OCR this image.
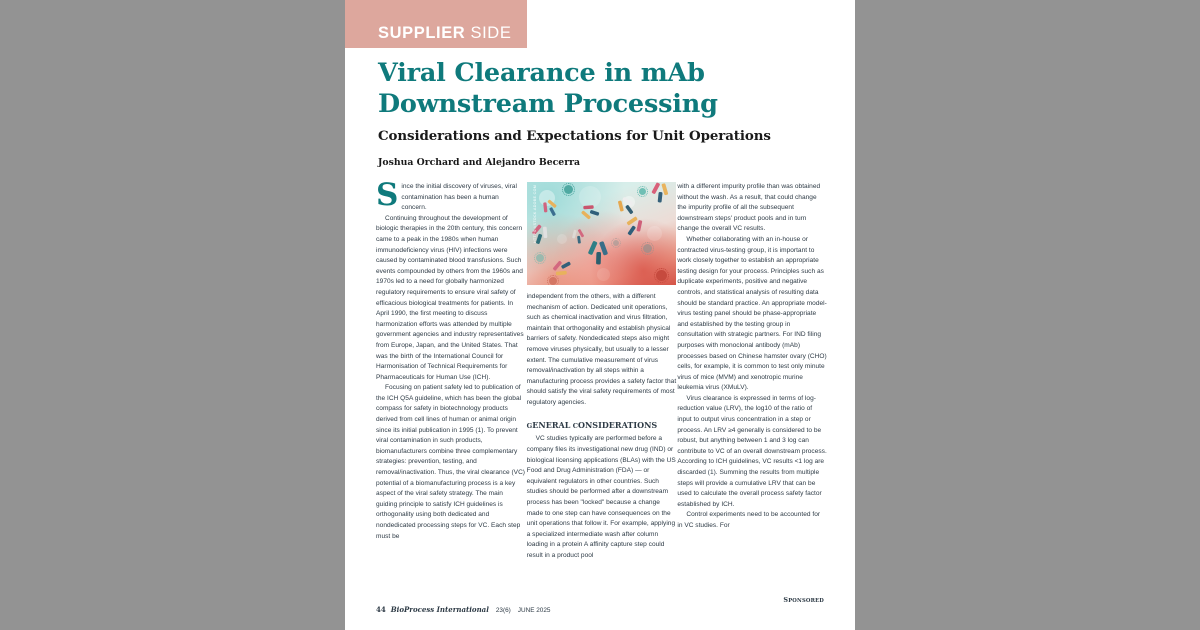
SUPPLIER SIDE
Viral Clearance in mAb
Downstream Processing

Considerations and Expectations for Unit Operations

Joshua Orchard and Alejandro Becerra

Since the initial discovery of viruses, viral contamination has been a human concern.

Continuing throughout the development of biologic therapies in the 20th century, this concern came to a peak in the 1980s when human immunodeficiency virus (HIV) infections were caused by contaminated blood transfusions. Such events compounded by others from the 1960s and 1970s led to a need for globally harmonized regulatory requirements to ensure viral safety of efficacious biological treatments for patients. In April 1990, the first meeting to discuss harmonization efforts was attended by multiple government agencies and industry representatives from Europe, Japan, and the United States. That was the birth of the International Council for Harmonisation of Technical Requirements for Pharmaceuticals for Human Use (ICH).

Focusing on patient safety led to publication of the ICH Q5A guideline, which has been the global compass for safety in biotechnology products derived from cell lines of human or animal origin since its initial publication in 1995 (1). To prevent viral contamination in such products, biomanufacturers combine three complementary strategies: prevention, testing, and removal/inactivation. Thus, the viral clearance (VC) potential of a biomanufacturing process is a key aspect of the viral safety strategy. The main guiding principle to satisfy ICH guidelines is orthogonality using both dedicated and nondedicated processing steps for VC. Each step must be

HTTPS://STOCK.ADOBE.COM

independent from the others, with a different mechanism of action. Dedicated unit operations, such as chemical inactivation and virus filtration, maintain that orthogonality and establish physical barriers of safety. Nondedicated steps also might remove viruses physically, but usually to a lesser extent. The cumulative measurement of virus removal/inactivation by all steps within a manufacturing process provides a safety factor that should satisfy the viral safety requirements of most regulatory agencies.

GENERAL CONSIDERATIONS

VC studies typically are performed before a company files its investigational new drug (IND) or biological licensing applications (BLAs) with the US Food and Drug Administration (FDA) — or equivalent regulators in other countries. Such studies should be performed after a downstream process has been "locked" because a change made to one step can have consequences on the unit operations that follow it. For example, applying a specialized intermediate wash after column loading in a protein A affinity capture step could result in a product pool

with a different impurity profile than was obtained without the wash. As a result, that could change the impurity profile of all the subsequent downstream steps' product pools and in turn change the overall VC results.

Whether collaborating with an in-house or contracted virus-testing group, it is important to work closely together to establish an appropriate testing design for your process. Principles such as duplicate experiments, positive and negative controls, and statistical analysis of resulting data should be standard practice. An appropriate model-virus testing panel should be phase-appropriate and established by the testing group in consultation with strategic partners. For IND filing purposes with monoclonal antibody (mAb) processes based on Chinese hamster ovary (CHO) cells, for example, it is common to test only minute virus of mice (MVM) and xenotropic murine leukemia virus (XMuLV).

Virus clearance is expressed in terms of log-reduction value (LRV), the log10 of the ratio of input to output virus concentration in a step or process. An LRV ≥4 generally is considered to be robust, but anything between 1 and 3 log can contribute to VC of an overall downstream process. According to ICH guidelines, VC results <1 log are discarded (1). Summing the results from multiple steps will provide a cumulative LRV that can be used to calculate the overall process safety factor established by ICH.

Control experiments need to be accounted for in VC studies. For

44 BioProcess International 23(6) JUNE 2025
SPONSORED
